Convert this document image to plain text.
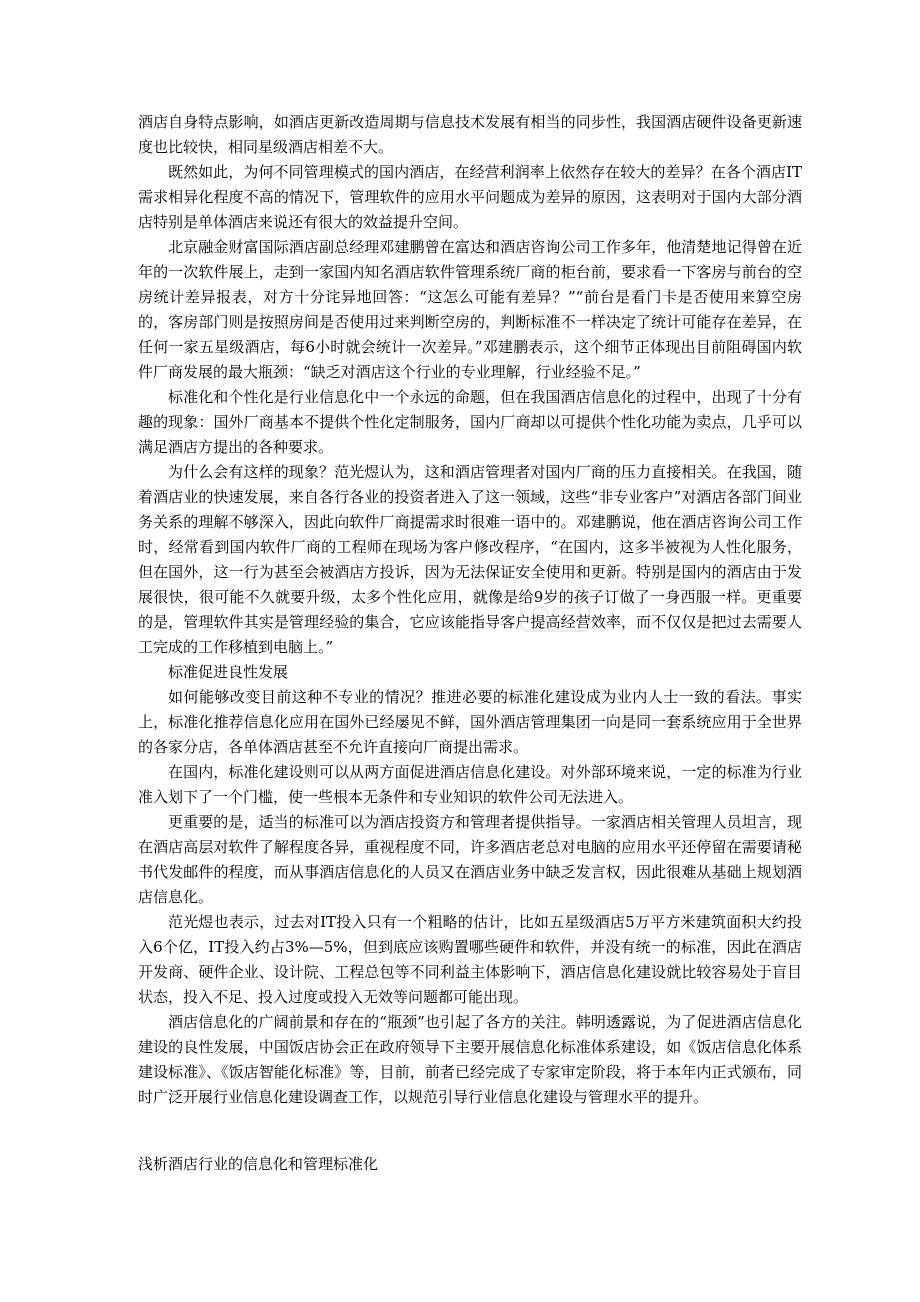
酒店自身特点影响，如酒店更新改造周期与信息技术发展有相当的同步性，我国酒店硬件设备更新速度也比较快，相同星级酒店相差不大。

既然如此，为何不同管理模式的国内酒店，在经营利润率上依然存在较大的差异？在各个酒店IT需求相异化程度不高的情况下，管理软件的应用水平问题成为差异的原因，这表明对于国内大部分酒店特别是单体酒店来说还有很大的效益提升空间。

北京融金财富国际酒店副总经理邓建鹏曾在富达和酒店咨询公司工作多年，他清楚地记得曾在近年的一次软件展上，走到一家国内知名酒店软件管理系统厂商的柜台前，要求看一下客房与前台的空房统计差异报表，对方十分诧异地回答：“这怎么可能有差异？”“前台是看门卡是否使用来算空房的，客房部门则是按照房间是否使用过来判断空房的，判断标准不一样决定了统计可能存在差异，在任何一家五星级酒店，每6小时就会统计一次差异。”邓建鹏表示，这个细节正体现出目前阻碍国内软件厂商发展的最大瓶颈：“缺乏对酒店这个行业的专业理解，行业经验不足。”

标准化和个性化是行业信息化中一个永远的命题，但在我国酒店信息化的过程中，出现了十分有趣的现象：国外厂商基本不提供个性化定制服务，国内厂商却以可提供个性化功能为卖点，几乎可以满足酒店方提出的各种要求。

为什么会有这样的现象？范光煜认为，这和酒店管理者对国内厂商的压力直接相关。在我国，随着酒店业的快速发展，来自各行各业的投资者进入了这一领域，这些“非专业客户”对酒店各部门间业务关系的理解不够深入，因此向软件厂商提需求时很难一语中的。邓建鹏说，他在酒店咨询公司工作时，经常看到国内软件厂商的工程师在现场为客户修改程序，“在国内，这多半被视为人性化服务，但在国外，这一行为甚至会被酒店方投诉，因为无法保证安全使用和更新。特别是国内的酒店由于发展很快，很可能不久就要升级，太多个性化应用，就像是给9岁的孩子订做了一身西服一样。更重要的是，管理软件其实是管理经验的集合，它应该能指导客户提高经营效率，而不仅仅是把过去需要人工完成的工作移植到电脑上。”

标准促进良性发展

如何能够改变目前这种不专业的情况？推进必要的标准化建设成为业内人士一致的看法。事实上，标准化推荐信息化应用在国外已经屡见不鲜，国外酒店管理集团一向是同一套系统应用于全世界的各家分店，各单体酒店甚至不允许直接向厂商提出需求。

在国内，标准化建设则可以从两方面促进酒店信息化建设。对外部环境来说，一定的标准为行业准入划下了一个门槛，使一些根本无条件和专业知识的软件公司无法进入。

更重要的是，适当的标准可以为酒店投资方和管理者提供指导。一家酒店相关管理人员坦言，现在酒店高层对软件了解程度各异，重视程度不同，许多酒店老总对电脑的应用水平还停留在需要请秘书代发邮件的程度，而从事酒店信息化的人员又在酒店业务中缺乏发言权，因此很难从基础上规划酒店信息化。

范光煜也表示，过去对IT投入只有一个粗略的估计，比如五星级酒店5万平方米建筑面积大约投入6个亿，IT投入约占3%—5%，但到底应该购置哪些硬件和软件，并没有统一的标准，因此在酒店开发商、硬件企业、设计院、工程总包等不同利益主体影响下，酒店信息化建设就比较容易处于盲目状态，投入不足、投入过度或投入无效等问题都可能出现。

酒店信息化的广阔前景和存在的“瓶颈”也引起了各方的关注。韩明透露说，为了促进酒店信息化建设的良性发展，中国饭店协会正在政府领导下主要开展信息化标准体系建设，如《饭店信息化体系建设标准》、《饭店智能化标准》等，目前，前者已经完成了专家审定阶段，将于本年内正式颁布，同时广泛开展行业信息化建设调查工作，以规范引导行业信息化建设与管理水平的提升。

浅析酒店行业的信息化和管理标准化
